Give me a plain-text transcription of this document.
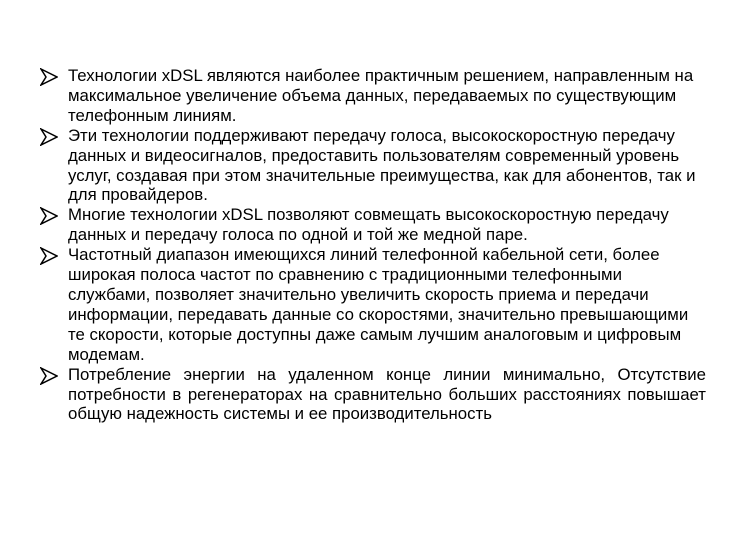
Технологии xDSL являются наиболее практичным решением, направленным на максимальное увеличение объема данных, передаваемых по существующим телефонным линиям.
Эти технологии поддерживают передачу голоса, высокоскоростную передачу данных и видеосигналов, предоставить пользователям современный уровень услуг, создавая при этом значительные преимущества, как для абонентов, так и для провайдеров.
Многие технологии xDSL позволяют совмещать высокоскоростную передачу данных и передачу голоса по одной и той же медной паре.
Частотный диапазон имеющихся линий телефонной кабельной сети, более широкая полоса частот по сравнению с традиционными телефонными службами, позволяет значительно увеличить скорость приема и передачи информации, передавать данные со скоростями, значительно превышающими те скорости, которые доступны даже самым лучшим аналоговым и цифровым модемам.
Потребление энергии на удаленном конце линии минимально, Отсутствие потребности в регенераторах на сравнительно больших расстояниях повышает общую надежность системы и ее производительность
